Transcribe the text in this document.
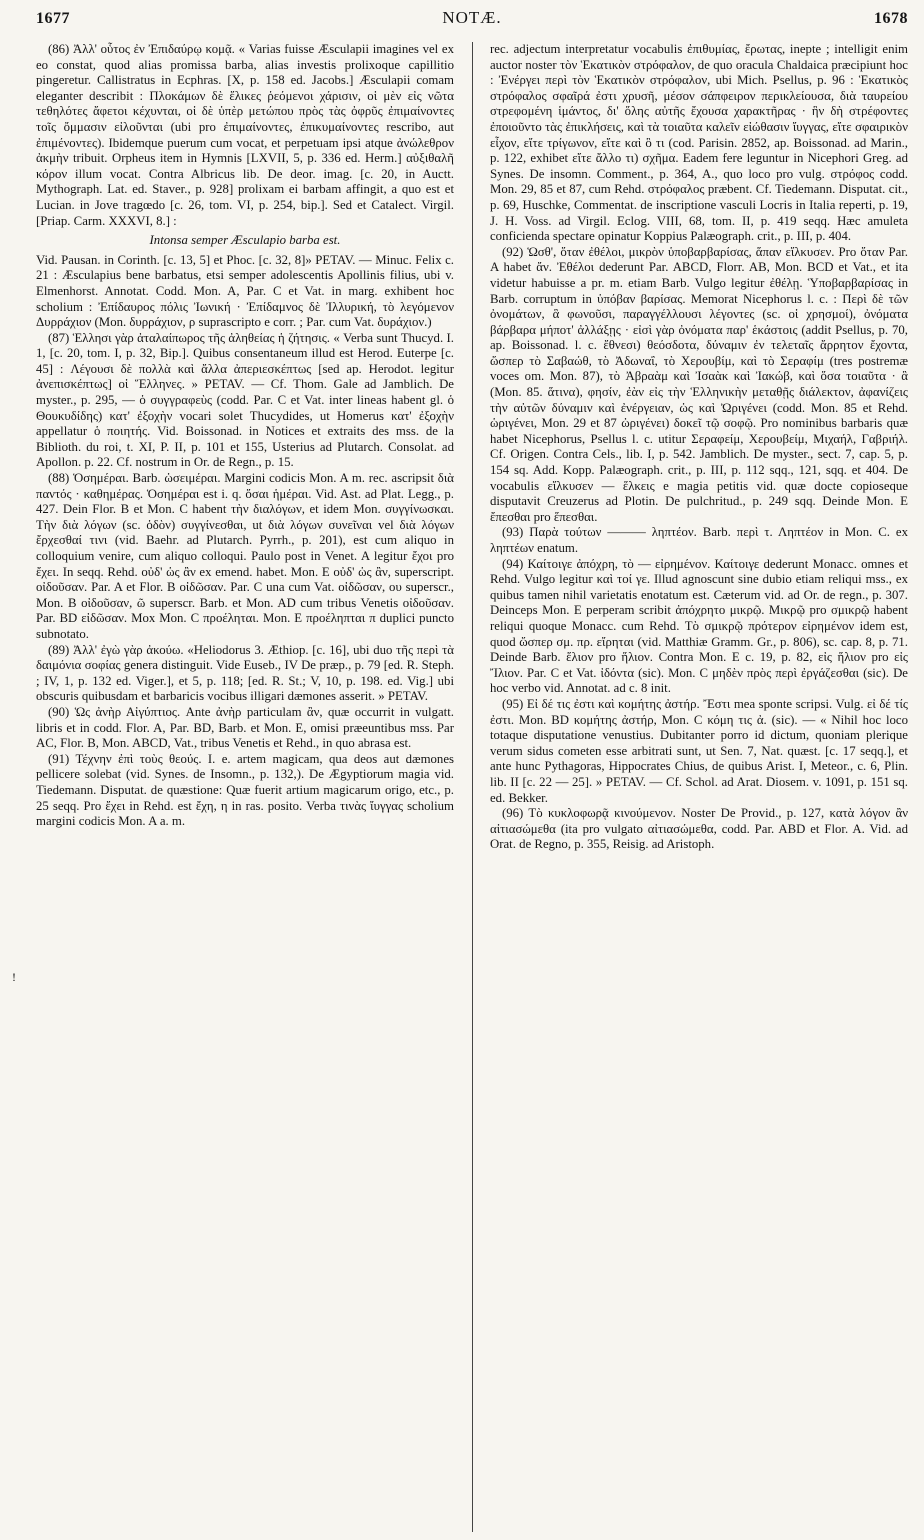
1677	NOTÆ.	1678

(86) Ἀλλ' οὗτος ἐν Ἐπιδαύρῳ κομᾷ. « Varias fuisse Æsculapii imagines vel ex eo constat, quod alias promissa barba, alias investis prolixoque capillitio pingeretur. Callistratus in Ecphras. [X, p. 158 ed. Jacobs.] Æsculapii comam eleganter describit : Πλοκάμων δὲ ἕλικες ῥεόμενοι χάρισιν, οἱ μὲν εἰς νῶτα τεθηλότες ἄφετοι κέχυνται, οἱ δὲ ὑπὲρ μετώπου πρὸς τὰς ὀφρῦς ἐπιμαίνοντες τοῖς ὄμμασιν εἰλοῦνται (ubi pro ἐπιμαίνοντες, ἐπικυμαίνοντες rescribo, aut ἐπιμένοντες). Ibidemque puerum cum vocat, et perpetuam ipsi atque ἀνώλεθρον ἀκμὴν tribuit. Orpheus item in Hymnis [LXVII, 5, p. 336 ed. Herm.] αὐξιθαλῆ κόρον illum vocat. Contra Albricus lib. De deor. imag. [c. 20, in Auctt. Mythograph. Lat. ed. Staver., p. 928] prolixam ei barbam affingit, a quo est et Lucian. in Jove tragœdo [c. 26, tom. VI, p. 254, bip.]. Sed et Catalect. Virgil. [Priap. Carm. XXXVI, 8.] :

Intonsa semper Æsculapio barba est.

Vid. Pausan. in Corinth. [c. 13, 5] et Phoc. [c. 32, 8]» PETAV. — Minuc. Felix c. 21 : Æsculapius bene barbatus, etsi semper adolescentis Apollinis filius, ubi v. Elmenhorst. Annotat. Codd. Mon. A, Par. C et Vat. in marg. exhibent hoc scholium : Ἐπίδαυρος πόλις Ἰωνική · Ἐπίδαμνος δὲ Ἰλλυρική, τὸ λεγόμενον Δυρράχιον (Mon. δυρράχιον, ρ suprascripto e corr. ; Par. cum Vat. δυράχιον.)

(87) Ἑλλησι γὰρ ἀταλαίπωρος τῆς ἀληθείας ἡ ζήτησις. « Verba sunt Thucyd. I. 1, [c. 20, tom. I, p. 32, Bip.]. Quibus consentaneum illud est Herod. Euterpe [c. 45] : Λέγουσι δὲ πολλὰ καὶ ἄλλα ἀπεριεσκέπτως [sed ap. Herodot. legitur ἀνεπισκέπτως] οἱ Ἕλληνες. » PETAV. — Cf. Thom. Gale ad Jamblich. De myster., p. 295, — ὁ συγγραφεὺς (codd. Par. C et Vat. inter lineas habent gl. ὁ Θουκυδίδης) κατ' ἐξοχὴν vocari solet Thucydides, ut Homerus κατ' ἐξοχὴν appellatur ὁ ποιητής. Vid. Boissonad. in Notices et extraits des mss. de la Biblioth. du roi, t. XI, P. II, p. 101 et 155, Usterius ad Plutarch. Consolat. ad Apollon. p. 22. Cf. nostrum in Or. de Regn., p. 15.

(88) Ὁσημέραι. Barb. ὡσειμέραι. Margini codicis Mon. A m. rec. ascripsit διὰ παντός · καθημέρας. Ὁσημέραι est i. q. ὅσαι ἡμέραι. Vid. Ast. ad Plat. Legg., p. 427. Dein Flor. B et Mon. C habent τὴν διαλόγων, et idem Mon. συγγίνωσκαι. Τὴν διὰ λόγων (sc. ὁδὸν) συγγίνεσθαι, ut διὰ λόγων συνεῖναι vel διὰ λόγων ἔρχεσθαί τινι (vid. Baehr. ad Plutarch. Pyrrh., p. 201), est cum aliquo in colloquium venire, cum aliquo colloqui. Paulo post in Venet. A legitur ἔχοι pro ἔχει. In seqq. Rehd. οὐδ' ὡς ἂν ex emend. habet. Mon. E οὐδ' ὡς ἂν, superscript. οἰδοῦσαν. Par. A et Flor. B οἰδῶσαν. Par. C una cum Vat. οἰδῶσαν, ου superscr., Mon. B οἰδοῦσαν, ῶ superscr. Barb. et Mon. AD cum tribus Venetis οἰδοῦσαν. Par. BD εἰδῶσαν. Mox Mon. C προέληται. Mon. E προέληπται π duplici puncto subnotato.

(89) Ἀλλ' ἐγὼ γὰρ ἀκούω. «Heliodorus 3. Æthiop. [c. 16], ubi duo τῆς περὶ τὰ δαιμόνια σοφίας genera distinguit. Vide Euseb., IV De præp., p. 79 [ed. R. Steph. ; IV, 1, p. 132 ed. Viger.], et 5, p. 118; [ed. R. St.; V, 10, p. 198. ed. Vig.] ubi obscuris quibusdam et barbaricis vocibus illigari dæmones asserit. » PETAV.

(90) Ὡς ἀνὴρ Αἰγύπτιος. Ante ἀνὴρ particulam ἂν, quæ occurrit in vulgatt. libris et in codd. Flor. A, Par. BD, Barb. et Mon. E, omisi præeuntibus mss. Par AC, Flor. B, Mon. ABCD, Vat., tribus Venetis et Rehd., in quo abrasa est.

(91) Τέχνην ἐπὶ τοὺς θεούς. I. e. artem magicam, qua deos aut dæmones pellicere solebat (vid. Synes. de Insomn., p. 132,). De Ægyptiorum magia vid. Tiedemann. Disputat. de quæstione: Quæ fuerit artium magicarum origo, etc., p. 25 seqq. Pro ἔχει in Rehd. est ἔχη, η in ras. posito. Verba τινὰς ἴυγγας scholium margini codicis Mon. A a. m.

rec. adjectum interpretatur vocabulis ἐπιθυμίας, ἔρωτας, inepte ; intelligit enim auctor noster τὸν Ἑκατικὸν στρόφαλον, de quo oracula Chaldaica præcipiunt hoc : Ἐνέργει περὶ τὸν Ἑκατικὸν στρόφαλον, ubi Mich. Psellus, p. 96 : Ἑκατικὸς στρόφαλος σφαῖρά ἐστι χρυσῆ, μέσον σάπφειρον περικλείουσα, διὰ ταυρείου στρεφομένη ἱμάντος, δι' ὅλης αὐτῆς ἔχουσα χαρακτῆρας · ἣν δὴ στρέφοντες ἐποιοῦντο τὰς ἐπικλήσεις, καὶ τὰ τοιαῦτα καλεῖν εἰώθασιν ἴυγγας, εἴτε σφαιρικὸν εἶχον, εἴτε τρίγωνον, εἴτε καὶ ὃ τι (cod. Parisin. 2852, ap. Boissonad. ad Marin., p. 122, exhibet εἴτε ἄλλο τι) σχῆμα. Eadem fere leguntur in Nicephori Greg. ad Synes. De insomn. Comment., p. 364, A., quo loco pro vulg. στρόφος codd. Mon. 29, 85 et 87, cum Rehd. στρόφαλος præbent. Cf. Tiedemann. Disputat. cit., p. 69, Huschke, Commentat. de inscriptione vasculi Locris in Italia reperti, p. 19, J. H. Voss. ad Virgil. Eclog. VIII, 68, tom. II, p. 419 seqq. Hæc amuleta conficienda spectare opinatur Koppius Palæograph. crit., p. III, p. 404.

(92) Ὡσθ', ὅταν ἐθέλοι, μικρὸν ὑποβαρβαρίσας, ἅπαν εἵλκυσεν. Pro ὅταν Par. A habet ἄν. Ἐθέλοι dederunt Par. ABCD, Florr. AB, Mon. BCD et Vat., et ita videtur habuisse a pr. m. etiam Barb. Vulgo legitur ἐθέλῃ. Ὑποβαρβαρίσας in Barb. corruptum in ὑπόβαν βαρίσας. Memorat Nicephorus l. c. : Περὶ δὲ τῶν ὀνομάτων, ἃ φωνοῦσι, παραγγέλλουσι λέγοντες (sc. οἱ χρησμοί), ὀνόματα βάρβαρα μήποτ' ἀλλάξῃς · εἰσὶ γὰρ ὀνόματα παρ' ἑκάστοις (addit Psellus, p. 70, ap. Boissonad. l. c. ἔθνεσι) θεόσδοτα, δύναμιν ἐν τελεταῖς ἄρρητον ἔχοντα, ὥσπερ τὸ Σαβαώθ, τὸ Ἀδωναΐ, τὸ Χερουβίμ, καὶ τὸ Σεραφίμ (tres postremæ voces om. Mon. 87), τὸ Ἀβραὰμ καὶ Ἰσαὰκ καὶ Ἰακώβ, καὶ ὅσα τοιαῦτα · ἃ (Mon. 85. ἅτινα), φησίν, ἐὰν εἰς τὴν Ἑλληνικὴν μεταθῇς διάλεκτον, ἀφανίζεις τὴν αὐτῶν δύναμιν καὶ ἐνέργειαν, ὡς καὶ Ὠριγένει (codd. Mon. 85 et Rehd. ὡριγένει, Mon. 29 et 87 ὠριγένει) δοκεῖ τῷ σοφῷ. Pro nominibus barbaris quæ habet Nicephorus, Psellus l. c. utitur Σεραφείμ, Χερουβείμ, Μιχαήλ, Γαβριήλ. Cf. Origen. Contra Cels., lib. I, p. 542. Jamblich. De myster., sect. 7, cap. 5, p. 154 sq. Add. Kopp. Palæograph. crit., p. III, p. 112 sqq., 121, sqq. et 404. De vocabulis εἵλκυσεν — ἕλκεις e magia petitis vid. quæ docte copioseque disputavit Creuzerus ad Plotin. De pulchritud., p. 249 sqq. Deinde Mon. E ἔπεσθαι pro ἕπεσθαι.

(93) Παρὰ τούτων ——— ληπτέον. Barb. περὶ τ. Ληπτέον in Mon. C. ex ληπτέων enatum.

(94) Καίτοιγε ἀπόχρη, τὸ — εἰρημένον. Καίτοιγε dederunt Monacc. omnes et Rehd. Vulgo legitur καὶ τοί γε. Illud agnoscunt sine dubio etiam reliqui mss., ex quibus tamen nihil varietatis enotatum est. Cæterum vid. ad Or. de regn., p. 307. Deinceps Mon. E perperam scribit ἀπόχρητο μικρῷ. Μικρῷ pro σμικρῷ habent reliqui quoque Monacc. cum Rehd. Τὸ σμικρῷ πρότερον εἰρημένον idem est, quod ὥσπερ σμ. πρ. εἴρηται (vid. Matthiæ Gramm. Gr., p. 806), sc. cap. 8, p. 71. Deinde Barb. ἕλιον pro ἥλιον. Contra Mon. E c. 19, p. 82, εἰς ἥλιον pro εἰς Ἴλιον. Par. C et Vat. ἰδόντα (sic). Mon. C μηδὲν πρὸς περὶ ἐργάζεσθαι (sic). De hoc verbo vid. Annotat. ad c. 8 init.

(95) Εἰ δέ τις ἐστι καὶ κομήτης ἀστήρ. Ἔστι mea sponte scripsi. Vulg. εἰ δέ τίς ἐστι. Mon. BD κομήτης ἀστήρ, Mon. C κόμη τις ἀ. (sic). — « Nihil hoc loco totaque disputatione venustius. Dubitanter porro id dictum, quoniam plerique verum sidus cometen esse arbitrati sunt, ut Sen. 7, Nat. quæst. [c. 17 seqq.], et ante hunc Pythagoras, Hippocrates Chius, de quibus Arist. I, Meteor., c. 6, Plin. lib. II [c. 22 — 25]. » PETAV. — Cf. Schol. ad Arat. Diosem. v. 1091, p. 151 sq. ed. Bekker.

(96) Τὸ κυκλοφωρᾷ κινούμενον. Noster De Provid., p. 127, κατὰ λόγον ἂν αἰτιασώμεθα (ita pro vulgato αἰτιασώμεθα, codd. Par. ABD et Flor. A. Vid. ad Orat. de Regno, p. 355, Reisig. ad Aristoph.

!
